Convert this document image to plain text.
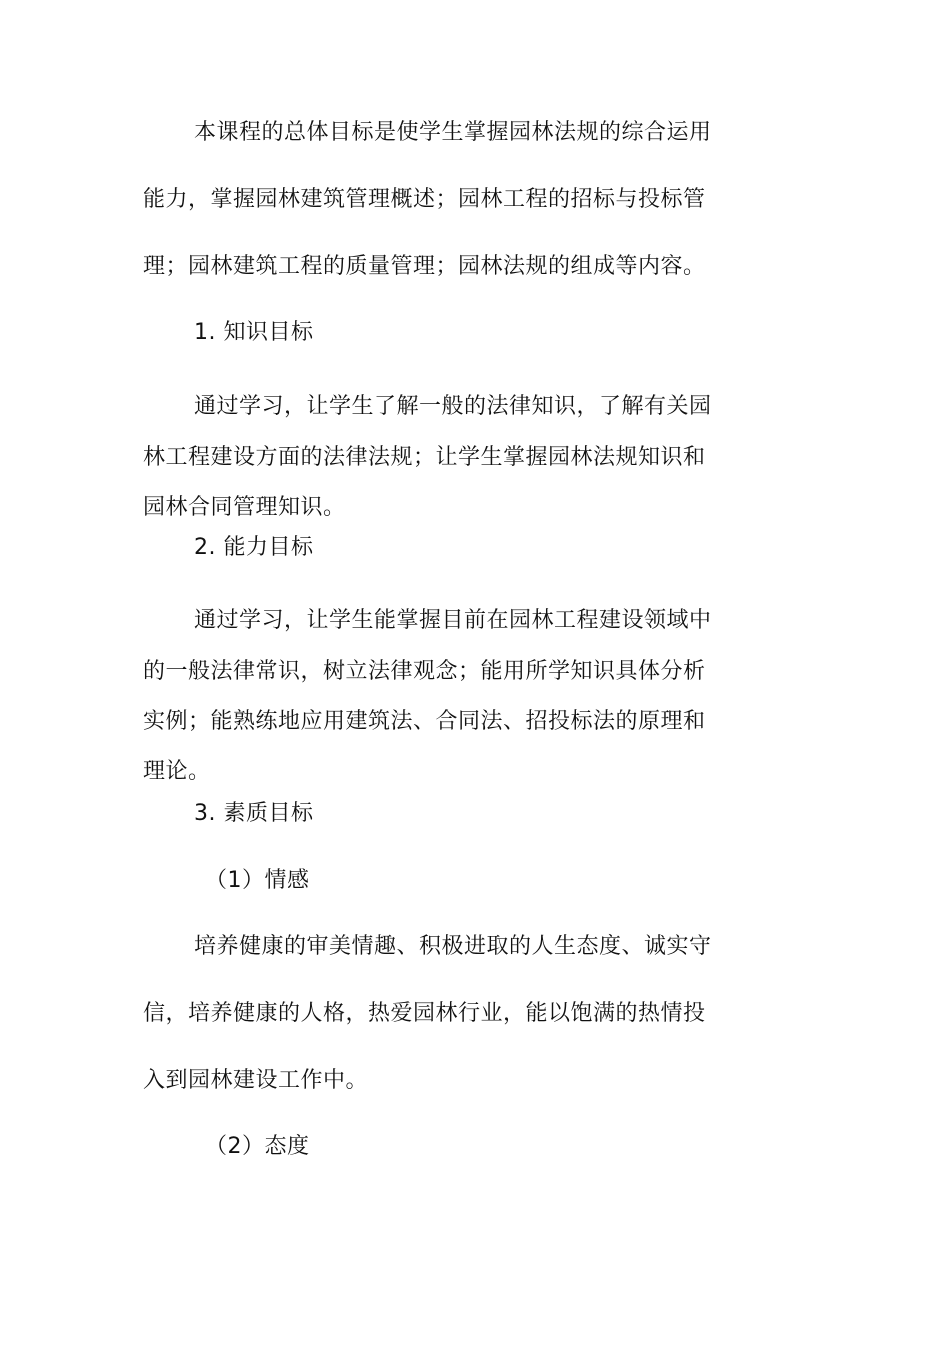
本课程的总体目标是使学生掌握园林法规的综合运用
能力，掌握园林建筑管理概述；园林工程的招标与投标管
理；园林建筑工程的质量管理；园林法规的组成等内容。
1. 知识目标
通过学习，让学生了解一般的法律知识，了解有关园
林工程建设方面的法律法规；让学生掌握园林法规知识和
园林合同管理知识。
2. 能力目标
通过学习，让学生能掌握目前在园林工程建设领域中
的一般法律常识，树立法律观念；能用所学知识具体分析
实例；能熟练地应用建筑法、合同法、招投标法的原理和
理论。
3. 素质目标
（1）情感
培养健康的审美情趣、积极进取的人生态度、诚实守
信，培养健康的人格，热爱园林行业，能以饱满的热情投
入到园林建设工作中。
（2）态度
